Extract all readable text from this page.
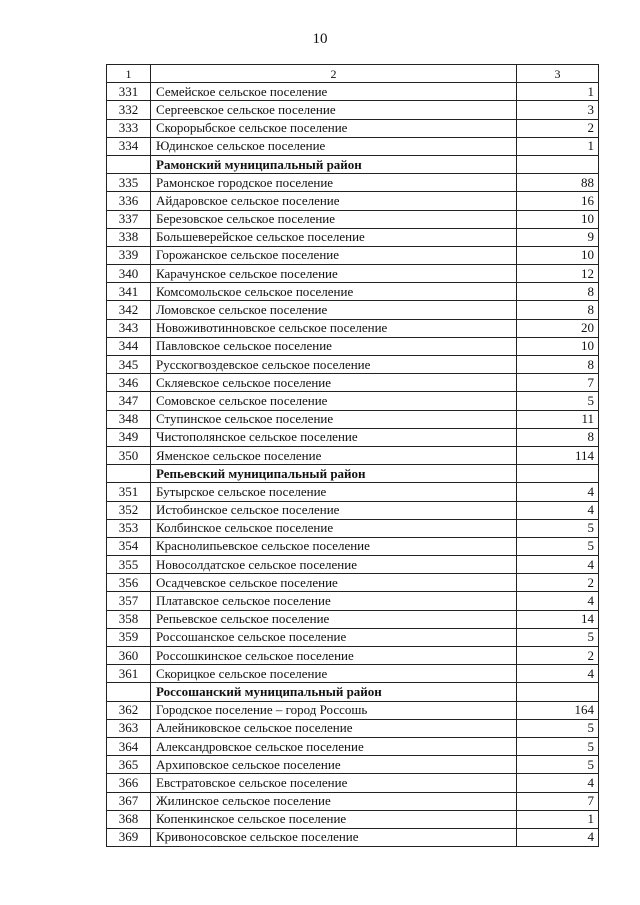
10
1	2	3
331	Семейское сельское поселение	1
332	Сергеевское сельское поселение	3
333	Скорорыбское сельское поселение	2
334	Юдинское сельское поселение	1
	Рамонский муниципальный район	
335	Рамонское городское поселение	88
336	Айдаровское сельское поселение	16
337	Березовское сельское поселение	10
338	Большеверейское сельское поселение	9
339	Горожанское сельское поселение	10
340	Карачунское сельское поселение	12
341	Комсомольское сельское поселение	8
342	Ломовское сельское поселение	8
343	Новоживотинновское сельское поселение	20
344	Павловское сельское поселение	10
345	Русскогвоздевское сельское поселение	8
346	Скляевское сельское поселение	7
347	Сомовское сельское поселение	5
348	Ступинское сельское поселение	11
349	Чистополянское сельское поселение	8
350	Яменское сельское поселение	114
	Репьевский муниципальный район	
351	Бутырское сельское поселение	4
352	Истобинское сельское поселение	4
353	Колбинское сельское поселение	5
354	Краснолипьевское сельское поселение	5
355	Новосолдатское сельское поселение	4
356	Осадчевское сельское поселение	2
357	Платавское сельское поселение	4
358	Репьевское сельское поселение	14
359	Россошанское сельское поселение	5
360	Россошкинское сельское поселение	2
361	Скорицкое сельское поселение	4
	Россошанский муниципальный район	
362	Городское поселение – город Россошь	164
363	Алейниковское сельское поселение	5
364	Александровское сельское поселение	5
365	Архиповское сельское поселение	5
366	Евстратовское сельское поселение	4
367	Жилинское сельское поселение	7
368	Копенкинское сельское поселение	1
369	Кривоносовское сельское поселение	4
